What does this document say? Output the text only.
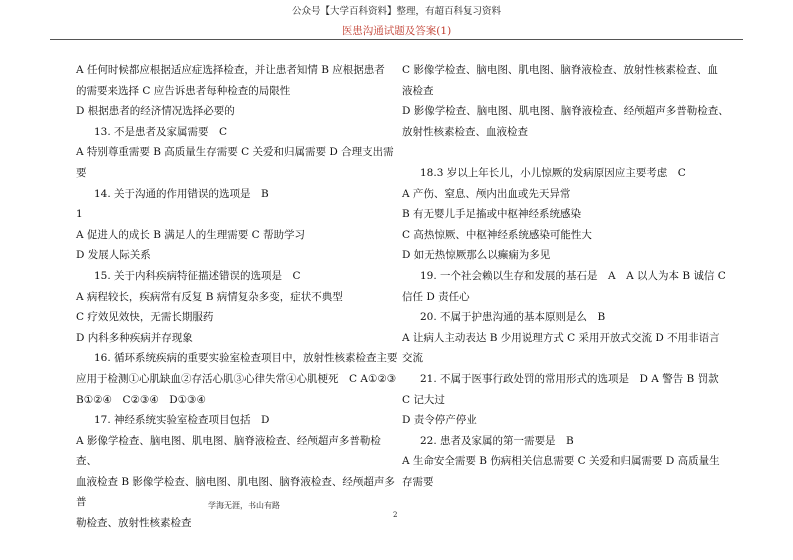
公众号【大学百科资料】整理，有超百科复习资料
医患沟通试题及答案(1)

A 任何时候都应根据适应症选择检查，并让患者知情 B 应根据患者

的需要来选择 C 应告诉患者每种检查的局限性

D 根据患者的经济情况选择必要的

13. 不是患者及家属需要　C

A 特别尊重需要 B 高质量生存需要 C 关爱和归属需要 D 合理支出需

要

14. 关于沟通的作用错误的选项是　B

1

A 促进人的成长 B 满足人的生理需要 C 帮助学习

D 发展人际关系

15. 关于内科疾病特征描述错误的选项是　C

A 病程较长，疾病常有反复 B 病情复杂多变，症状不典型

C 疗效见效快，无需长期服药

D 内科多种疾病并存现象

16. 循环系统疾病的重要实验室检查项目中，放射性核素检查主要

应用于检测①心肌缺血②存活心肌③心律失常④心肌梗死　C A①②③

B①②④　C②③④　D①③④

17. 神经系统实验室检查项目包括　D

A 影像学检查、脑电图、肌电图、脑脊液检查、经颅超声多普勒检查、

血液检查 B 影像学检查、脑电图、肌电图、脑脊液检查、经颅超声多普

勒检查、放射性核素检查

C 影像学检查、脑电图、肌电图、脑脊液检查、放射性核素检查、血

液检查

D 影像学检查、脑电图、肌电图、脑脊液检查、经颅超声多普勒检查、

放射性核素检查、血液检查

18.3 岁以上年长儿，小儿惊厥的发病原因应主要考虑　C

A 产伤、窒息、颅内出血或先天异常

B 有无婴儿手足搐或中枢神经系统感染

C 高热惊厥、中枢神经系统感染可能性大

D 如无热惊厥那么以癫痫为多见

19. 一个社会赖以生存和发展的基石是　A　A 以人为本 B 诚信 C

信任 D 责任心

20. 不属于护患沟通的基本原则是么　B

A 让病人主动表达 B 少用说理方式 C 采用开放式交流 D 不用非语言

交流

21. 不属于医事行政处罚的常用形式的选项是　D A 警告 B 罚款

C 记大过

D 责令停产停业

22. 患者及家属的第一需要是　B

A 生命安全需要 B 伤病相关信息需要 C 关爱和归属需要 D 高质量生

存需要

学海无涯，书山有路
2
